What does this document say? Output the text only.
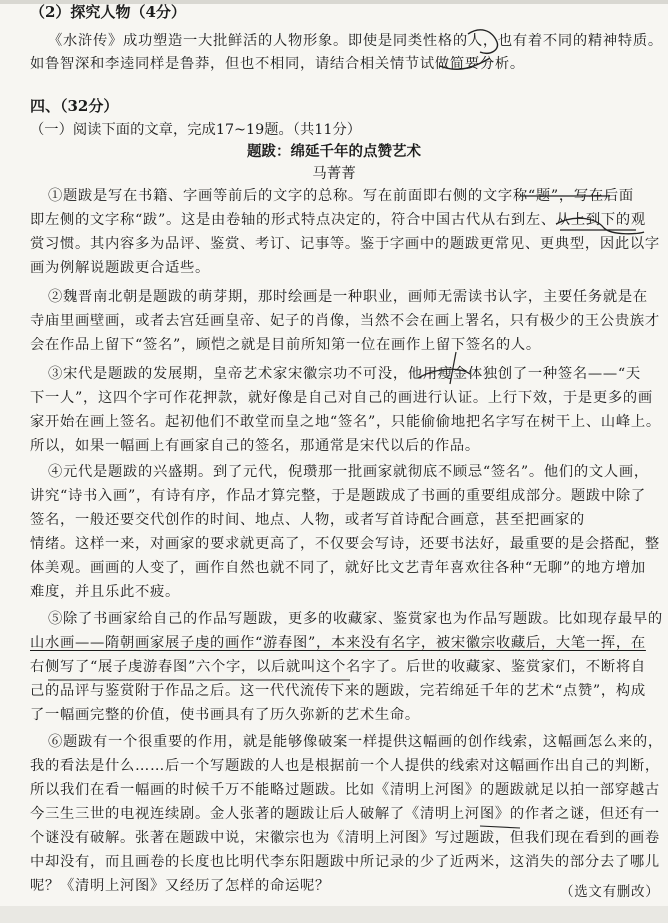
（2）探究人物（4分）
《水浒传》成功塑造一大批鲜活的人物形象。即使是同类性格的人，也有着不同的精神特质。
如鲁智深和李逵同样是鲁莽，但也不相同，请结合相关情节试做简要分析。
四、（32分）
（一）阅读下面的文章，完成17~19题。（共11分）
题跋：绵延千年的点赞艺术
马菁菁
①题跋是写在书籍、字画等前后的文字的总称。写在前面即右侧的文字称“题”，写在后面
即左侧的文字称“跋”。这是由卷轴的形式特点决定的，符合中国古代从右到左、从上到下的观
赏习惯。其内容多为品评、鉴赏、考订、记事等。鉴于字画中的题跋更常见、更典型，因此以字
画为例解说题跋更合适些。
②魏晋南北朝是题跋的萌芽期，那时绘画是一种职业，画师无需读书认字，主要任务就是在
寺庙里画壁画，或者去宫廷画皇帝、妃子的肖像，当然不会在画上署名，只有极少的王公贵族才
会在作品上留下“签名”，顾恺之就是目前所知第一位在画作上留下签名的人。
③宋代是题跋的发展期，皇帝艺术家宋徽宗功不可没，他用瘦金体独创了一种签名——“天
下一人”，这四个字可作花押款，就好像是自己对自己的画进行认证。上行下效，于是更多的画
家开始在画上签名。起初他们不敢堂而皇之地“签名”，只能偷偷地把名字写在树干上、山峰上。
所以，如果一幅画上有画家自己的签名，那通常是宋代以后的作品。
④元代是题跋的兴盛期。到了元代，倪瓒那一批画家就彻底不顾忌“签名”。他们的文人画，
讲究“诗书入画”，有诗有序，作品才算完整，于是题跋成了书画的重要组成部分。题跋中除了
签名，一般还要交代创作的时间、地点、人物，或者写首诗配合画意，甚至把画家的
情绪。这样一来，对画家的要求就更高了，不仅要会写诗，还要书法好，最重要的是会搭配，整
体美观。画画的人变了，画作自然也就不同了，就好比文艺青年喜欢往各种“无聊”的地方增加
难度，并且乐此不疲。
⑤除了书画家给自己的作品写题跋，更多的收藏家、鉴赏家也为作品写题跋。比如现存最早的
山水画——隋朝画家展子虔的画作“游春图”，本来没有名字，被宋徽宗收藏后，大笔一挥，在
右侧写了“展子虔游春图”六个字，以后就叫这个名字了。后世的收藏家、鉴赏家们，不断将自
己的品评与鉴赏附于作品之后。这一代代流传下来的题跋，完若绵延千年的艺术“点赞”，构成
了一幅画完整的价值，使书画具有了历久弥新的艺术生命。
⑥题跋有一个很重要的作用，就是能够像破案一样提供这幅画的创作线索，这幅画怎么来的，
我的看法是什么……后一个写题跋的人也是根据前一个人提供的线索对这幅画作出自己的判断，
所以我们在看一幅画的时候千万不能略过题跋。比如《清明上河图》的题跋就足以拍一部穿越古
今三生三世的电视连续剧。金人张著的题跋让后人破解了《清明上河图》的作者之谜，但还有一
个谜没有破解。张著在题跋中说，宋徽宗也为《清明上河图》写过题跋，但我们现在看到的画卷
中却没有，而且画卷的长度也比明代李东阳题跋中所记录的少了近两米，这消失的部分去了哪儿
呢？《清明上河图》又经历了怎样的命运呢？	（选文有删改）
